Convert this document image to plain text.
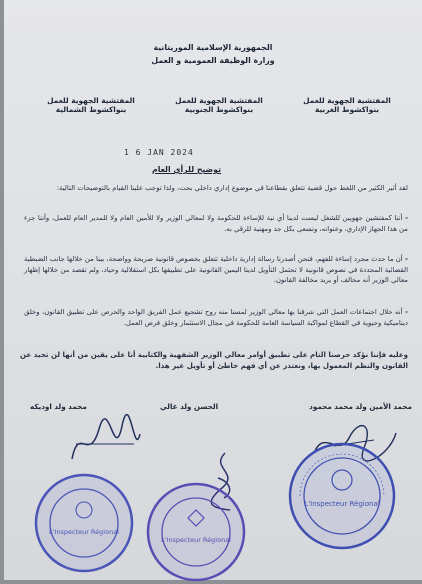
الجمهورية الإسلامية الموريتانية
وزارة الوظيفة العمومية و العمل
المفتشية الجهوية للعمل
بنواكشوط الغربية
المفتشية الجهوية للعمل
بنواكشوط الجنوبية
المفتشية الجهوية للعمل
بنواكشوط الشمالية
1 6 JAN 2024
توضيح للرأي العام
لقد أثير الكثير من اللغط حول قضية تتعلق بقطاعنا في موضوع إداري داخلي بحت، ولذا توجب علينا القيام بالتوضيحات التالية:
- أننا كمفتشين جهويين للشغل ليست لدينا أي نية للإساءة للحكومة ولا لمعالي الوزير ولا للأمين العام ولا للمدير العام للعمل، وأننا جزء من هذا الجهاز الإداري، وعنوانه، ونسعى بكل جد ومهنية للرقي به.
- أن ما حدث مجرد إساءة للفهم، فنحن أصدرنا رسالة إدارية داخلية تتعلق بخصوص قانونية صريحة وواضحة، بينا من خلالها جانب الضبطية القضائية المحددة في نصوص قانونية لا تحتمل التأويل لدينا اليمين القانونية على تطبيقها بكل استقلالية وحياد، ولم تقصد من خلالها إظهار معالي الوزير أنه مخالف أو يريد مخالفة القانون.
- أنه خلال اجتماعات العمل التي شرفنا بها معالي الوزير لمسنا منه روح تشجيع عمل الفريق الواحد والحرص على تطبيق القانون، وخلق ديناميكية وحيوية في القطاع لمواكبة السياسة العامة للحكومة في مجال الاستثمار وخلق فرص العمل.
وعليه فإننا نؤكد حرصنا التام على تطبيق أوامر معالي الوزير الشفهية والكتابية أنا على يقين من أنها لن تحيد عن القانون والنظم المعمول بها، ونعتذر عن أي فهم خاطئ أو تأويل غير هذا.
محمد الأمين ولد محمد محمود
الحسن ولد عالي
محمد ولد اوديكه
L'Inspecteur Régional
L'Inspecteur Régional
L'Inspecteur Régional
